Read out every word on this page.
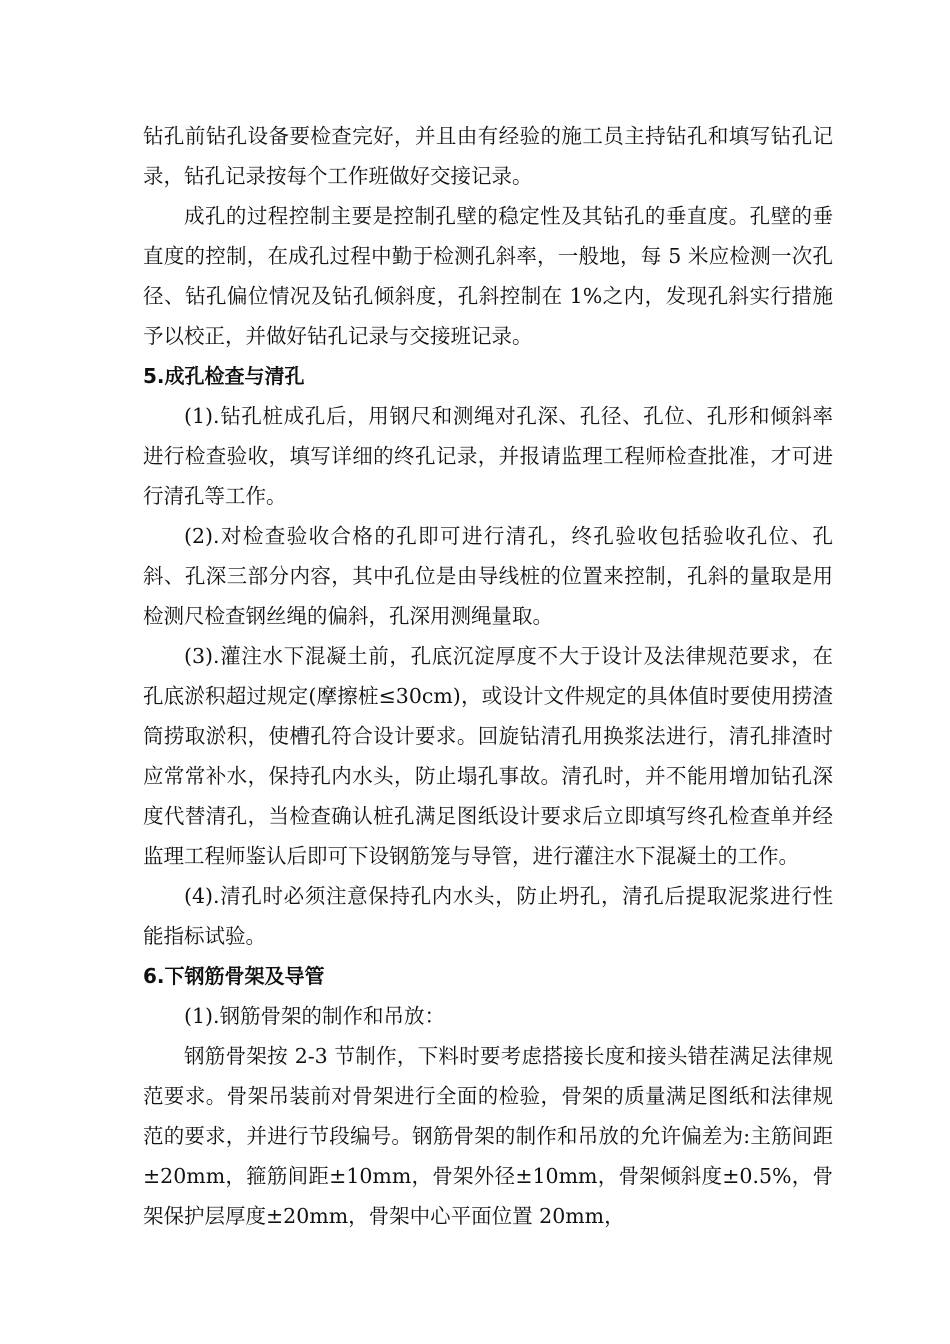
钻孔前钻孔设备要检查完好，并且由有经验的施工员主持钻孔和填写钻孔记录，钻孔记录按每个工作班做好交接记录。

成孔的过程控制主要是控制孔壁的稳定性及其钻孔的垂直度。孔壁的垂直度的控制，在成孔过程中勤于检测孔斜率，一般地，每 5 米应检测一次孔径、钻孔偏位情况及钻孔倾斜度，孔斜控制在 1%之内，发现孔斜实行措施予以校正，并做好钻孔记录与交接班记录。

5.成孔检查与清孔

(1).钻孔桩成孔后，用钢尺和测绳对孔深、孔径、孔位、孔形和倾斜率进行检查验收，填写详细的终孔记录，并报请监理工程师检查批准，才可进行清孔等工作。

(2).对检查验收合格的孔即可进行清孔，终孔验收包括验收孔位、孔斜、孔深三部分内容，其中孔位是由导线桩的位置来控制，孔斜的量取是用检测尺检查钢丝绳的偏斜，孔深用测绳量取。

(3).灌注水下混凝土前，孔底沉淀厚度不大于设计及法律规范要求，在孔底淤积超过规定(摩擦桩≤30cm)，或设计文件规定的具体值时要使用捞渣筒捞取淤积，使槽孔符合设计要求。回旋钻清孔用换浆法进行，清孔排渣时应常常补水，保持孔内水头，防止塌孔事故。清孔时，并不能用增加钻孔深度代替清孔，当检查确认桩孔满足图纸设计要求后立即填写终孔检查单并经监理工程师鉴认后即可下设钢筋笼与导管，进行灌注水下混凝土的工作。

(4).清孔时必须注意保持孔内水头，防止坍孔，清孔后提取泥浆进行性能指标试验。

6.下钢筋骨架及导管

(1).钢筋骨架的制作和吊放：

钢筋骨架按 2-3 节制作，下料时要考虑搭接长度和接头错茬满足法律规范要求。骨架吊装前对骨架进行全面的检验，骨架的质量满足图纸和法律规范的要求，并进行节段编号。钢筋骨架的制作和吊放的允许偏差为:主筋间距±20mm，箍筋间距±10mm，骨架外径±10mm，骨架倾斜度±0.5%，骨架保护层厚度±20mm，骨架中心平面位置 20mm，
